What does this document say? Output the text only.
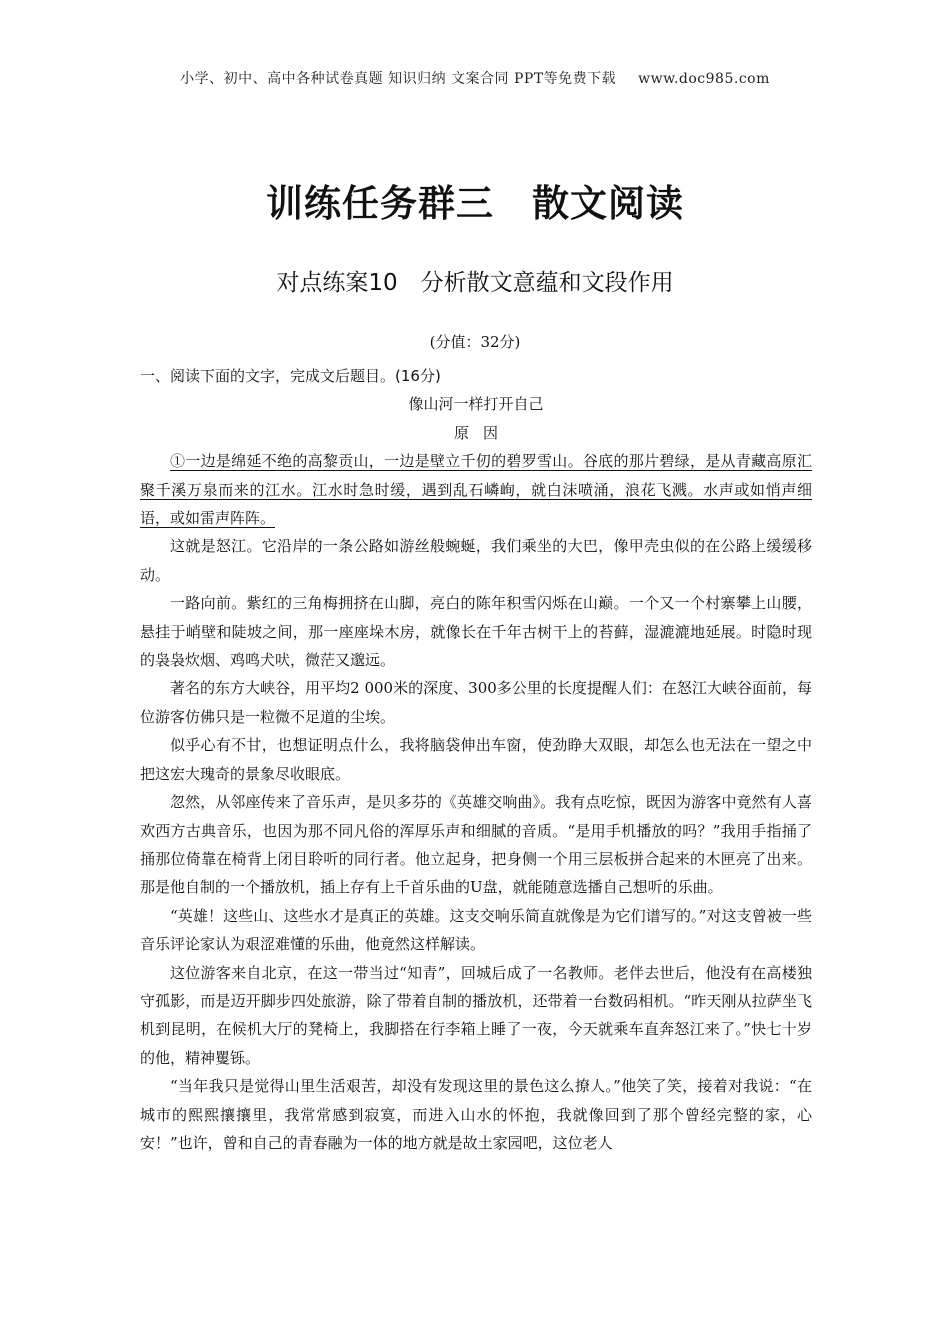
小学、初中、高中各种试卷真题 知识归纳 文案合同 PPT等免费下载 www.doc985.com
训练任务群三　散文阅读
对点练案10　分析散文意蕴和文段作用
(分值：32分)

一、阅读下面的文字，完成文后题目。(16分)

像山河一样打开自己

原因

①一边是绵延不绝的高黎贡山，一边是壁立千仞的碧罗雪山。谷底的那片碧绿，是从青藏高原汇聚千溪万泉而来的江水。江水时急时缓，遇到乱石嶙峋，就白沫喷涌，浪花飞溅。水声或如悄声细语，或如雷声阵阵。

这就是怒江。它沿岸的一条公路如游丝般蜿蜒，我们乘坐的大巴，像甲壳虫似的在公路上缓缓移动。

一路向前。紫红的三角梅拥挤在山脚，亮白的陈年积雪闪烁在山巅。一个又一个村寨攀上山腰，悬挂于峭壁和陡坡之间，那一座座垛木房，就像长在千年古树干上的苔藓，湿漉漉地延展。时隐时现的袅袅炊烟、鸡鸣犬吠，微茫又邈远。

著名的东方大峡谷，用平均2 000米的深度、300多公里的长度提醒人们：在怒江大峡谷面前，每位游客仿佛只是一粒微不足道的尘埃。

似乎心有不甘，也想证明点什么，我将脑袋伸出车窗，使劲睁大双眼，却怎么也无法在一望之中把这宏大瑰奇的景象尽收眼底。

忽然，从邻座传来了音乐声，是贝多芬的《英雄交响曲》。我有点吃惊，既因为游客中竟然有人喜欢西方古典音乐，也因为那不同凡俗的浑厚乐声和细腻的音质。“是用手机播放的吗？”我用手指捅了捅那位倚靠在椅背上闭目聆听的同行者。他立起身，把身侧一个用三层板拼合起来的木匣亮了出来。那是他自制的一个播放机，插上存有上千首乐曲的U盘，就能随意选播自己想听的乐曲。

“英雄！这些山、这些水才是真正的英雄。这支交响乐简直就像是为它们谱写的。”对这支曾被一些音乐评论家认为艰涩难懂的乐曲，他竟然这样解读。

这位游客来自北京，在这一带当过“知青”，回城后成了一名教师。老伴去世后，他没有在高楼独守孤影，而是迈开脚步四处旅游，除了带着自制的播放机，还带着一台数码相机。“昨天刚从拉萨坐飞机到昆明，在候机大厅的凳椅上，我脚搭在行李箱上睡了一夜，今天就乘车直奔怒江来了。”快七十岁的他，精神矍铄。

“当年我只是觉得山里生活艰苦，却没有发现这里的景色这么撩人。”他笑了笑，接着对我说：“在城市的熙熙攘攘里，我常常感到寂寞，而进入山水的怀抱，我就像回到了那个曾经完整的家，心安！”也许，曾和自己的青春融为一体的地方就是故土家园吧，这位老人
